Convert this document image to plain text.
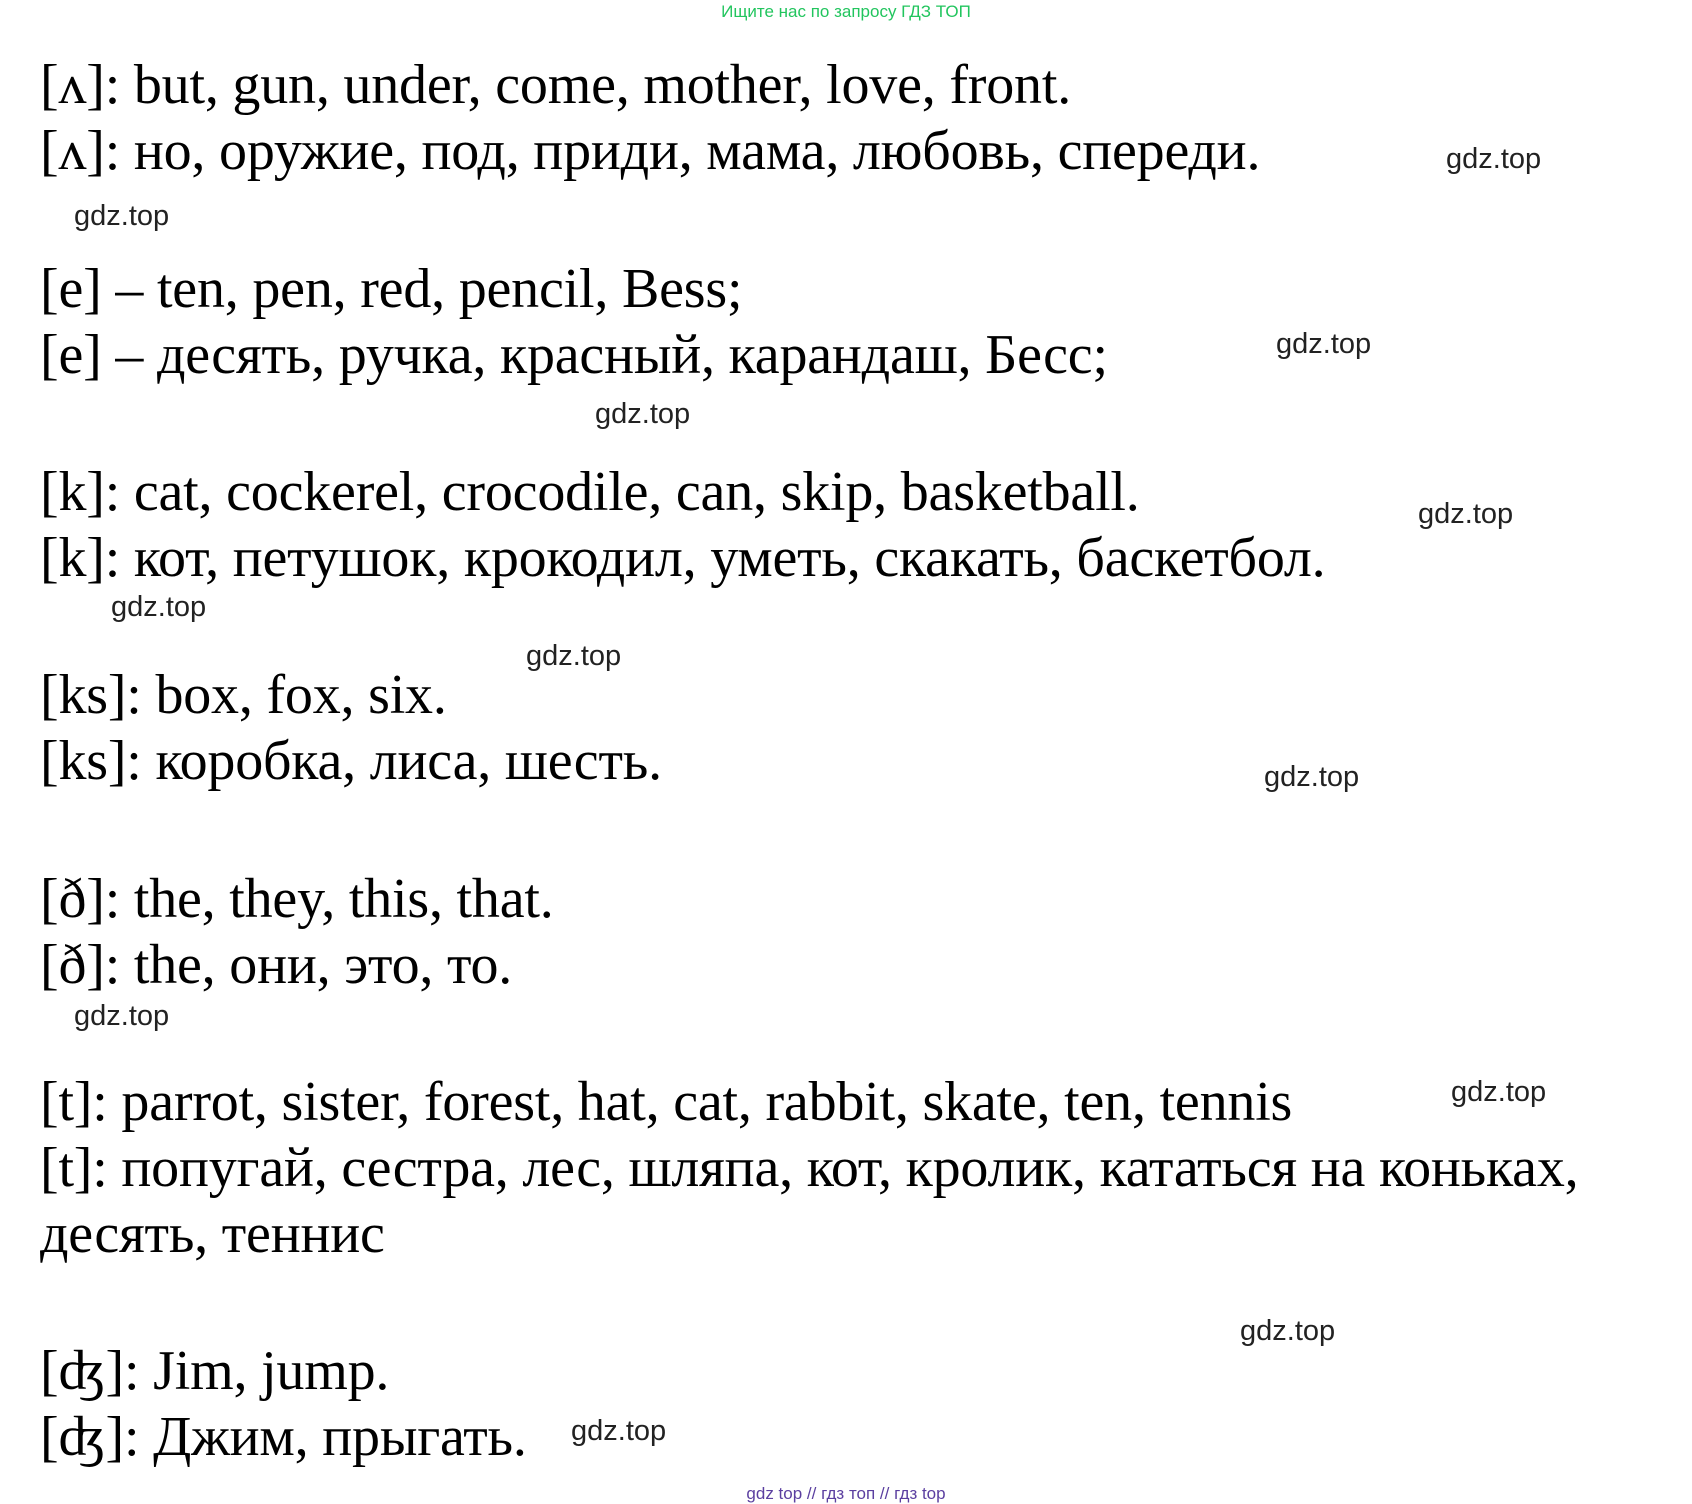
Ищите нас по запросу ГДЗ ТОП
[ʌ]: but, gun, under, come, mother, love, front.
[ʌ]: но, оружие, под, приди, мама, любовь, спереди.
[e] – ten, pen, red, pencil, Bess;
[e] – десять, ручка, красный, карандаш, Бесс;
[k]: cat, cockerel, crocodile, can, skip, basketball.
[k]: кот, петушок, крокодил, уметь, скакать, баскетбол.
[ks]: box, fox, six.
[ks]: коробка, лиса, шесть.
[ð]: the, they, this, that.
[ð]: the, они, это, то.
[t]: parrot, sister, forest, hat, cat, rabbit, skate, ten, tennis
[t]: попугай, сестра, лес, шляпа, кот, кролик, кататься на коньках,
десять, теннис
[ʤ]: Jim, jump.
[ʤ]: Джим, прыгать.
gdz.top
gdz.top
gdz.top
gdz.top
gdz.top
gdz.top
gdz.top
gdz.top
gdz.top
gdz.top
gdz.top
gdz.top
gdz top // гдз топ // гдз top
